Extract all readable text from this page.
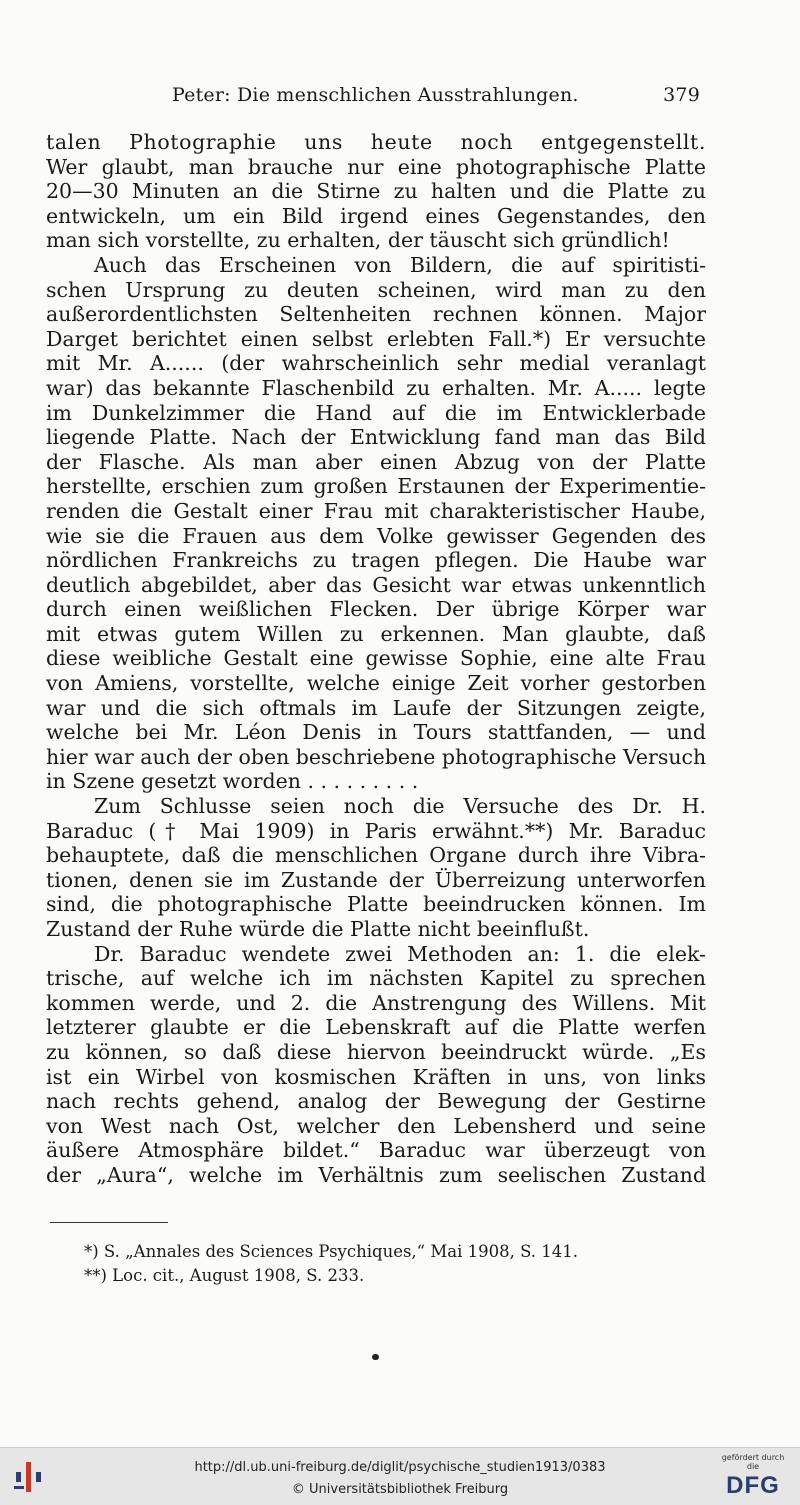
Peter: Die menschlichen Ausstrahlungen.	379
talen Photographie uns heute noch entgegenstellt.
Wer glaubt, man brauche nur eine photographische Platte
20—30 Minuten an die Stirne zu halten und die Platte zu
entwickeln, um ein Bild irgend eines Gegenstandes, den
man sich vorstellte, zu erhalten, der täuscht sich gründlich!
Auch das Erscheinen von Bildern, die auf spiritisti-
schen Ursprung zu deuten scheinen, wird man zu den
außerordentlichsten Seltenheiten rechnen können. Major
Darget berichtet einen selbst erlebten Fall.*) Er versuchte
mit Mr. A...... (der wahrscheinlich sehr medial veranlagt
war) das bekannte Flaschenbild zu erhalten. Mr. A..... legte
im Dunkelzimmer die Hand auf die im Entwicklerbade
liegende Platte. Nach der Entwicklung fand man das Bild
der Flasche. Als man aber einen Abzug von der Platte
herstellte, erschien zum großen Erstaunen der Experimentie-
renden die Gestalt einer Frau mit charakteristischer Haube,
wie sie die Frauen aus dem Volke gewisser Gegenden des
nördlichen Frankreichs zu tragen pflegen. Die Haube war
deutlich abgebildet, aber das Gesicht war etwas unkenntlich
durch einen weißlichen Flecken. Der übrige Körper war
mit etwas gutem Willen zu erkennen. Man glaubte, daß
diese weibliche Gestalt eine gewisse Sophie, eine alte Frau
von Amiens, vorstellte, welche einige Zeit vorher gestorben
war und die sich oftmals im Laufe der Sitzungen zeigte,
welche bei Mr. Léon Denis in Tours stattfanden, — und
hier war auch der oben beschriebene photographische Versuch
in Szene gesetzt worden . . . . . . . . .
Zum Schlusse seien noch die Versuche des Dr. H.
Baraduc († Mai 1909) in Paris erwähnt.**) Mr. Baraduc
behauptete, daß die menschlichen Organe durch ihre Vibra-
tionen, denen sie im Zustande der Überreizung unterworfen
sind, die photographische Platte beeindrucken können. Im
Zustand der Ruhe würde die Platte nicht beeinflußt.
Dr. Baraduc wendete zwei Methoden an: 1. die elek-
trische, auf welche ich im nächsten Kapitel zu sprechen
kommen werde, und 2. die Anstrengung des Willens. Mit
letzterer glaubte er die Lebenskraft auf die Platte werfen
zu können, so daß diese hiervon beeindruckt würde. „Es
ist ein Wirbel von kosmischen Kräften in uns, von links
nach rechts gehend, analog der Bewegung der Gestirne
von West nach Ost, welcher den Lebensherd und seine
äußere Atmosphäre bildet.“ Baraduc war überzeugt von
der „Aura“, welche im Verhältnis zum seelischen Zustand
*) S. „Annales des Sciences Psychiques,“ Mai 1908, S. 141.
**) Loc. cit., August 1908, S. 233.
http://dl.ub.uni-freiburg.de/diglit/psychische_studien1913/0383
© Universitätsbibliothek Freiburg
gefördert durch die
DFG
